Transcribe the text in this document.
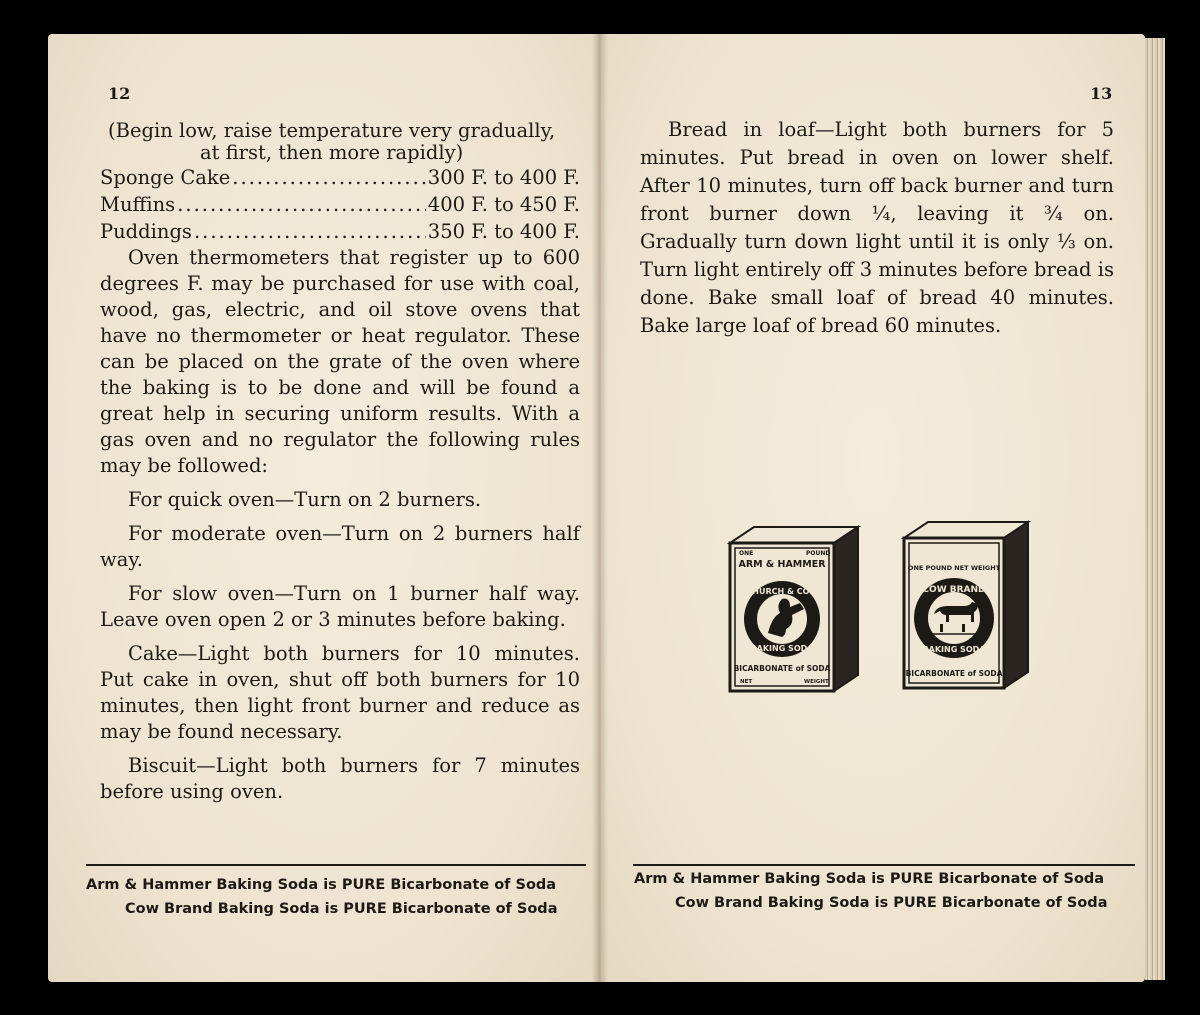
12
(Begin low, raise temperature very gradually,
at first, then more rapidly)
Sponge Cake .....	300 F. to 400 F.
Muffins .....	400 F. to 450 F.
Puddings .....	350 F. to 400 F.

Oven thermometers that register up to 600 degrees F. may be purchased for use with coal, wood, gas, electric, and oil stove ovens that have no thermometer or heat regulator. These can be placed on the grate of the oven where the baking is to be done and will be found a great help in securing uniform results. With a gas oven and no regulator the following rules may be followed:

For quick oven—Turn on 2 burners.

For moderate oven—Turn on 2 burners half way.

For slow oven—Turn on 1 burner half way. Leave oven open 2 or 3 minutes before baking.

Cake—Light both burners for 10 minutes. Put cake in oven, shut off both burners for 10 minutes, then light front burner and reduce as may be found necessary.

Biscuit—Light both burners for 7 minutes before using oven.

Arm & Hammer Baking Soda is PURE Bicarbonate of Soda
Cow Brand Baking Soda is PURE Bicarbonate of Soda
13

Bread in loaf—Light both burners for 5 minutes. Put bread in oven on lower shelf. After 10 minutes, turn off back burner and turn front burner down ¼, leaving it ¾ on. Gradually turn down light until it is only ⅓ on. Turn light entirely off 3 minutes before bread is done. Bake small loaf of bread 40 minutes. Bake large loaf of bread 60 minutes.

ONE	POUND
ARM & HAMMER
CHURCH & CO'S
BAKING SODA
BICARBONATE of SODA
NET	WEIGHT
ONE POUND NET WEIGHT
COW BRAND
BAKING SODA
BICARBONATE of SODA
Arm & Hammer Baking Soda is PURE Bicarbonate of Soda
Cow Brand Baking Soda is PURE Bicarbonate of Soda
